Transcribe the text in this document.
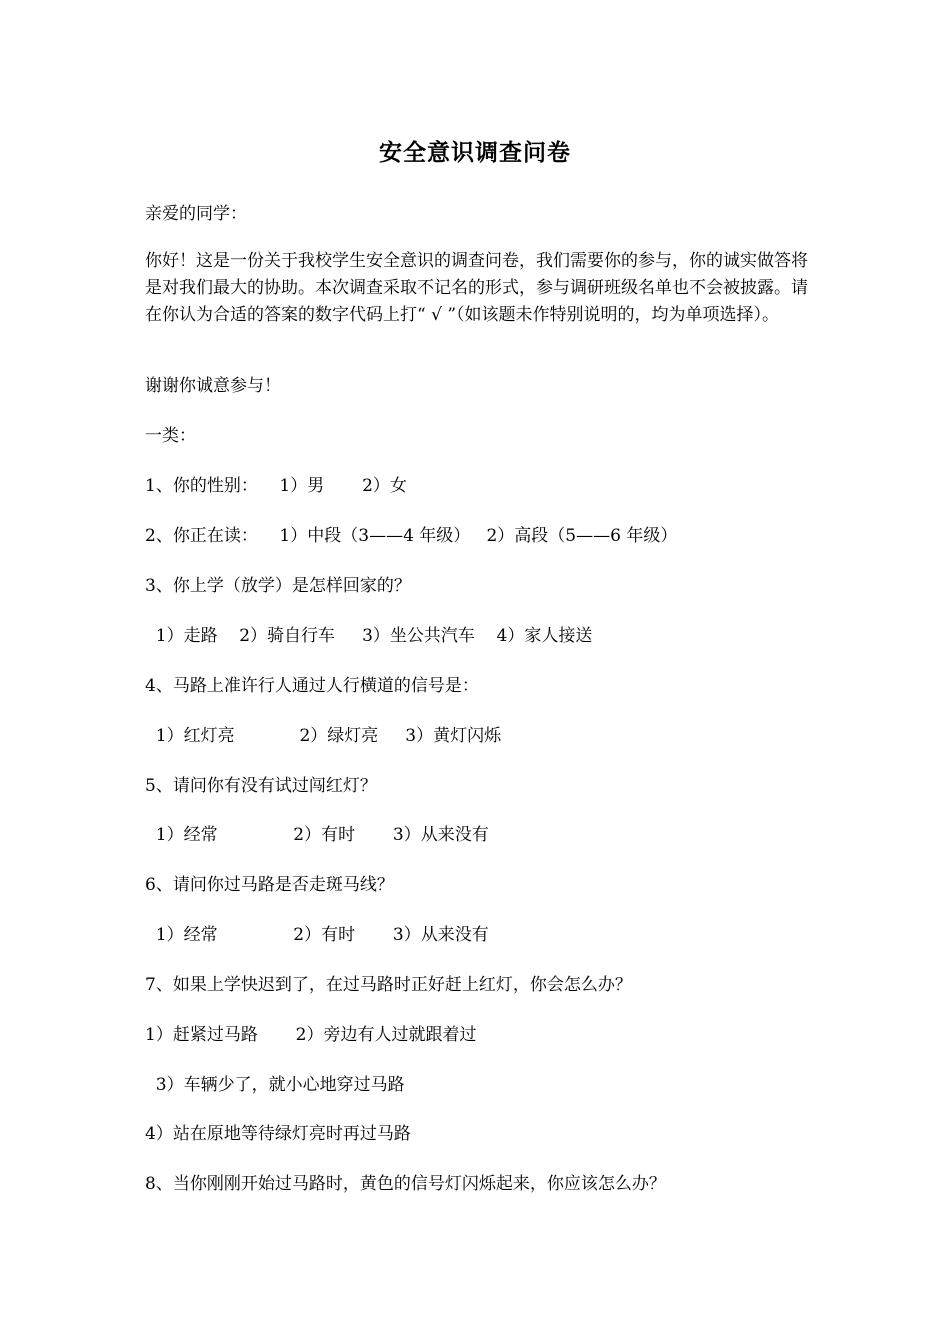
安全意识调查问卷
亲爱的同学：
你好！这是一份关于我校学生安全意识的调查问卷，我们需要你的参与，你的诚实做答将是对我们最大的协助。本次调查采取不记名的形式，参与调研班级名单也不会被披露。请在你认为合适的答案的数字代码上打“ √ ”（如该题未作特别说明的，均为单项选择）。
谢谢你诚意参与！
一类：
1、你的性别：    1）男       2）女
2、你正在读：    1）中段（3——4 年级）   2）高段（5——6 年级）
3、你上学（放学）是怎样回家的？
1）走路    2）骑自行车     3）坐公共汽车    4）家人接送
4、马路上准许行人通过人行横道的信号是：
1）红灯亮            2）绿灯亮     3）黄灯闪烁
5、请问你有没有试过闯红灯？
1）经常              2）有时       3）从来没有
6、请问你过马路是否走斑马线？
1）经常              2）有时       3）从来没有
7、如果上学快迟到了，在过马路时正好赶上红灯，你会怎么办？
1）赶紧过马路       2）旁边有人过就跟着过
3）车辆少了，就小心地穿过马路
4）站在原地等待绿灯亮时再过马路
8、当你刚刚开始过马路时，黄色的信号灯闪烁起来，你应该怎么办？
